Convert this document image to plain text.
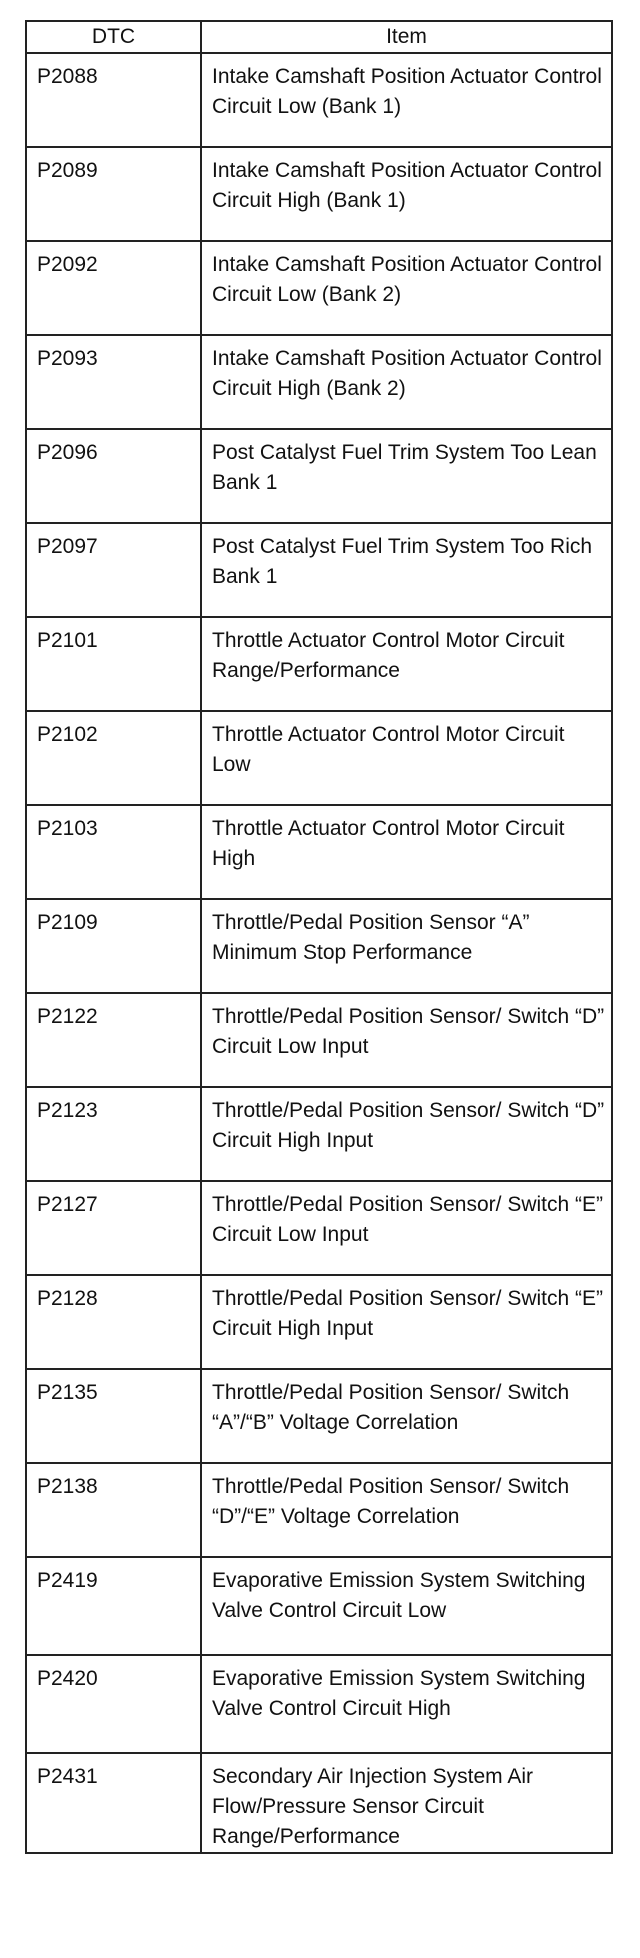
DTC	Item
P2088	Intake Camshaft Position Actuator Control Circuit Low (Bank 1)
P2089	Intake Camshaft Position Actuator Control Circuit High (Bank 1)
P2092	Intake Camshaft Position Actuator Control Circuit Low (Bank 2)
P2093	Intake Camshaft Position Actuator Control Circuit High (Bank 2)
P2096	Post Catalyst Fuel Trim System Too Lean Bank 1
P2097	Post Catalyst Fuel Trim System Too Rich Bank 1
P2101	Throttle Actuator Control Motor Circuit Range/Performance
P2102	Throttle Actuator Control Motor Circuit Low
P2103	Throttle Actuator Control Motor Circuit High
P2109	Throttle/Pedal Position Sensor “A” Minimum Stop Performance
P2122	Throttle/Pedal Position Sensor/ Switch “D” Circuit Low Input
P2123	Throttle/Pedal Position Sensor/ Switch “D” Circuit High Input
P2127	Throttle/Pedal Position Sensor/ Switch “E” Circuit Low Input
P2128	Throttle/Pedal Position Sensor/ Switch “E” Circuit High Input
P2135	Throttle/Pedal Position Sensor/ Switch “A”/“B” Voltage Correlation
P2138	Throttle/Pedal Position Sensor/ Switch “D”/“E” Voltage Correlation
P2419	Evaporative Emission System Switching Valve Control Circuit Low
P2420	Evaporative Emission System Switching Valve Control Circuit High
P2431	Secondary Air Injection System Air Flow/Pressure Sensor Circuit Range/Performance
